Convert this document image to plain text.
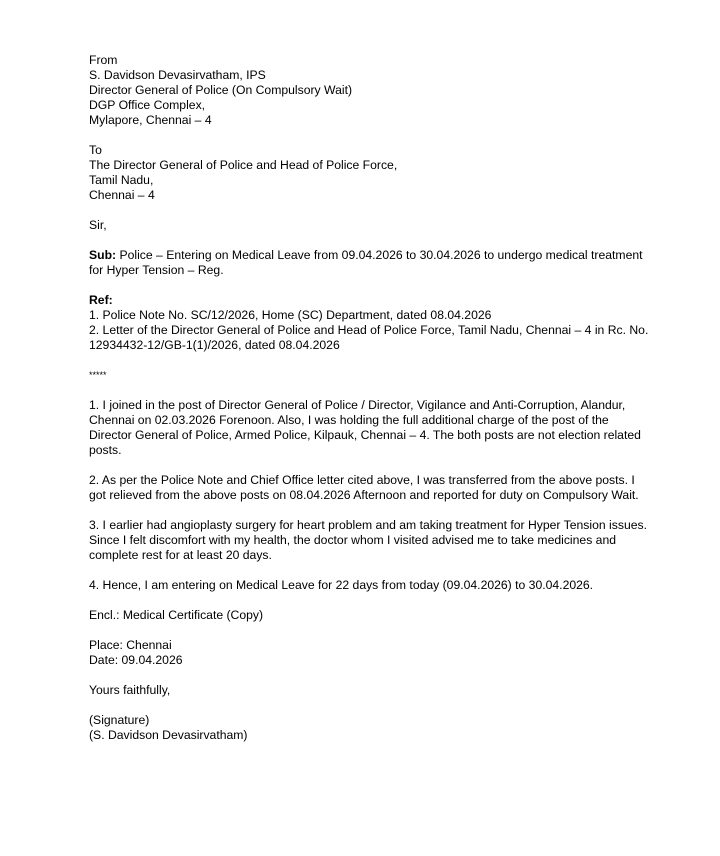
From
S. Davidson Devasirvatham, IPS
Director General of Police (On Compulsory Wait)
DGP Office Complex,
Mylapore, Chennai – 4
To
The Director General of Police and Head of Police Force,
Tamil Nadu,
Chennai – 4
Sir,
Sub: Police – Entering on Medical Leave from 09.04.2026 to 30.04.2026 to undergo medical treatment for Hyper Tension – Reg.
Ref:
1. Police Note No. SC/12/2026, Home (SC) Department, dated 08.04.2026
2. Letter of the Director General of Police and Head of Police Force, Tamil Nadu, Chennai – 4 in Rc. No. 12934432-12/GB-1(1)/2026, dated 08.04.2026
*****
1. I joined in the post of Director General of Police / Director, Vigilance and Anti-Corruption, Alandur, Chennai on 02.03.2026 Forenoon. Also, I was holding the full additional charge of the post of the Director General of Police, Armed Police, Kilpauk, Chennai – 4. The both posts are not election related posts.
2. As per the Police Note and Chief Office letter cited above, I was transferred from the above posts. I got relieved from the above posts on 08.04.2026 Afternoon and reported for duty on Compulsory Wait.
3. I earlier had angioplasty surgery for heart problem and am taking treatment for Hyper Tension issues. Since I felt discomfort with my health, the doctor whom I visited advised me to take medicines and complete rest for at least 20 days.
4. Hence, I am entering on Medical Leave for 22 days from today (09.04.2026) to 30.04.2026.
Encl.: Medical Certificate (Copy)
Place: Chennai
Date: 09.04.2026
Yours faithfully,
(Signature)
(S. Davidson Devasirvatham)
